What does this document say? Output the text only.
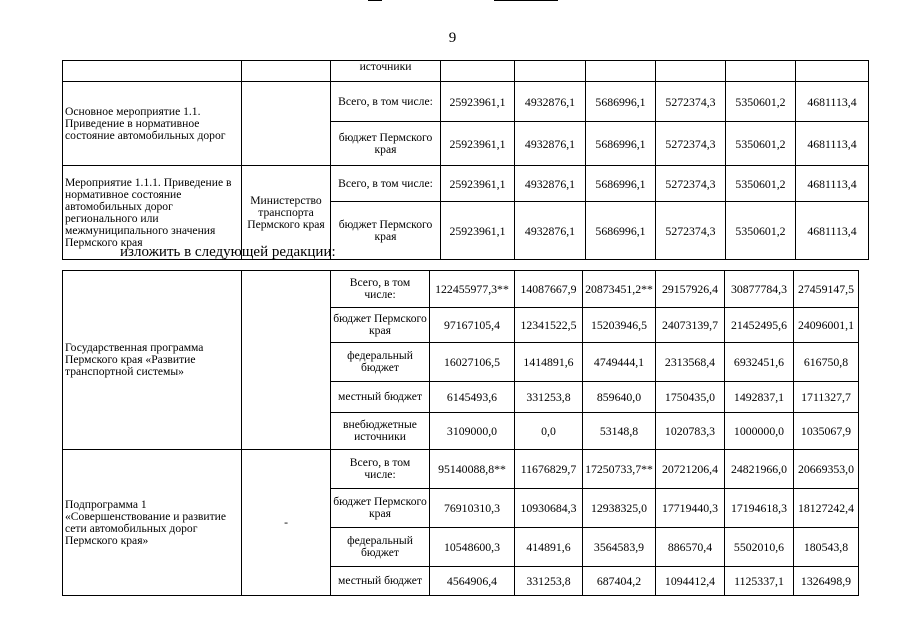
9
		источники						
Основное мероприятие 1.1. Приведение в нормативное состояние автомобильных дорог		Всего, в том числе:	25923961,1	4932876,1	5686996,1	5272374,3	5350601,2	4681113,4
		бюджет Пермского края	25923961,1	4932876,1	5686996,1	5272374,3	5350601,2	4681113,4
Мероприятие 1.1.1. Приведение в нормативное состояние автомобильных дорог регионального или межмуниципального значения Пермского края	Министерство транспорта Пермского края	Всего, в том числе:	25923961,1	4932876,1	5686996,1	5272374,3	5350601,2	4681113,4
		бюджет Пермского края	25923961,1	4932876,1	5686996,1	5272374,3	5350601,2	4681113,4
изложить в следующей редакции:
Государственная программа Пермского края «Развитие транспортной системы»		Всего, в том числе:	122455977,3**	14087667,9	20873451,2**	29157926,4	30877784,3	27459147,5
		бюджет Пермского края	97167105,4	12341522,5	15203946,5	24073139,7	21452495,6	24096001,1
		федеральный бюджет	16027106,5	1414891,6	4749444,1	2313568,4	6932451,6	616750,8
		местный бюджет	6145493,6	331253,8	859640,0	1750435,0	1492837,1	1711327,7
		внебюджетные источники	3109000,0	0,0	53148,8	1020783,3	1000000,0	1035067,9
Подпрограмма 1 «Совершенствование и развитие сети автомобильных дорог Пермского края»	-	Всего, в том числе:	95140088,8**	11676829,7	17250733,7**	20721206,4	24821966,0	20669353,0
		бюджет Пермского края	76910310,3	10930684,3	12938325,0	17719440,3	17194618,3	18127242,4
		федеральный бюджет	10548600,3	414891,6	3564583,9	886570,4	5502010,6	180543,8
		местный бюджет	4564906,4	331253,8	687404,2	1094412,4	1125337,1	1326498,9
